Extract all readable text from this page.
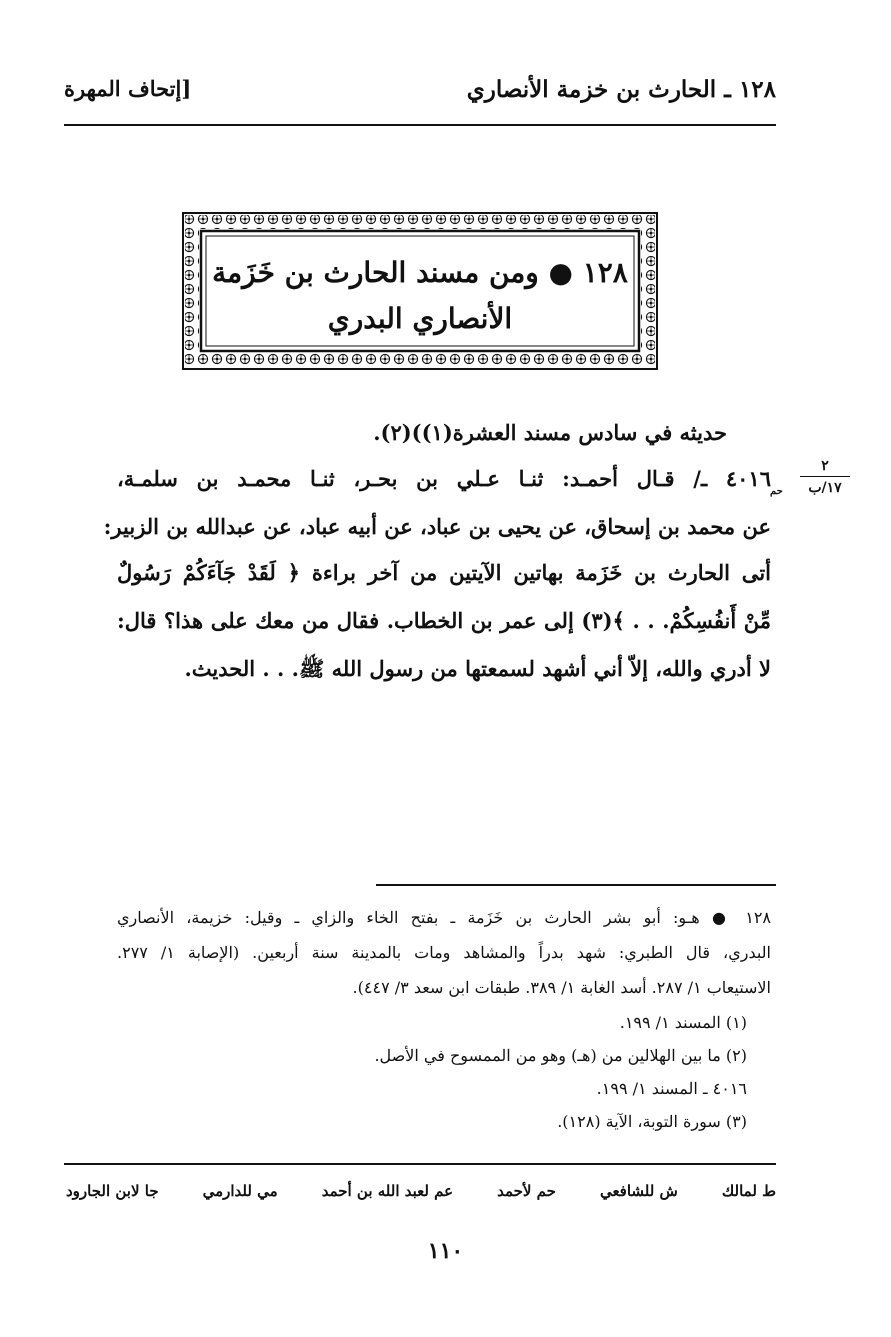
١٢٨ ـ الحارث بن خزمة الأنصاري
[إتحاف المهرة
١٢٨ ● ومن مسند الحارث بن خَزَمة
الأنصاري البدري
حديثه في سادس مسند العشرة(١))(٢).
٢
١٧/ب
حم
٤٠١٦ ـ/ قـال أحمـد: ثنـا عـلي بن بحـر، ثنـا محمـد بن سلمـة،
عن محمد بن إسحاق، عن يحيى بن عباد، عن أبيه عباد، عن عبدالله بن الزبير:
أتى الحارث بن خَزَمة بهاتين الآيتين من آخر براءة ﴿ لَقَدْ جَآءَكُمْ رَسُولٌ
مِّنْ أَنفُسِكُمْ. . . ﴾(٣) إلى عمر بن الخطاب. فقال من معك على هذا؟ قال:
لا أدري والله، إلاّ أني أشهد لسمعتها من رسول الله ﷺ. . . الحديث.
١٢٨ ● هـو: أبو بشر الحارث بن خَزَمة ـ بفتح الخاء والزاي ـ وقيل: خزيمة، الأنصاري
البدري، قال الطبري: شهد بدراً والمشاهد ومات بالمدينة سنة أربعين. (الإصابة ١/ ٢٧٧.
الاستيعاب ١/ ٢٨٧. أسد الغابة ١/ ٣٨٩. طبقات ابن سعد ٣/ ٤٤٧).
(١) المسند ١/ ١٩٩.
(٢) ما بين الهلالين من (هـ) وهو من الممسوح في الأصل.
٤٠١٦ ـ المسند ١/ ١٩٩.
(٣) سورة التوبة، الآية (١٢٨).
ط لمالك
ش للشافعي
حم لأحمد
عم لعبد الله بن أحمد
مي للدارمي
جا لابن الجارود
١١٠
